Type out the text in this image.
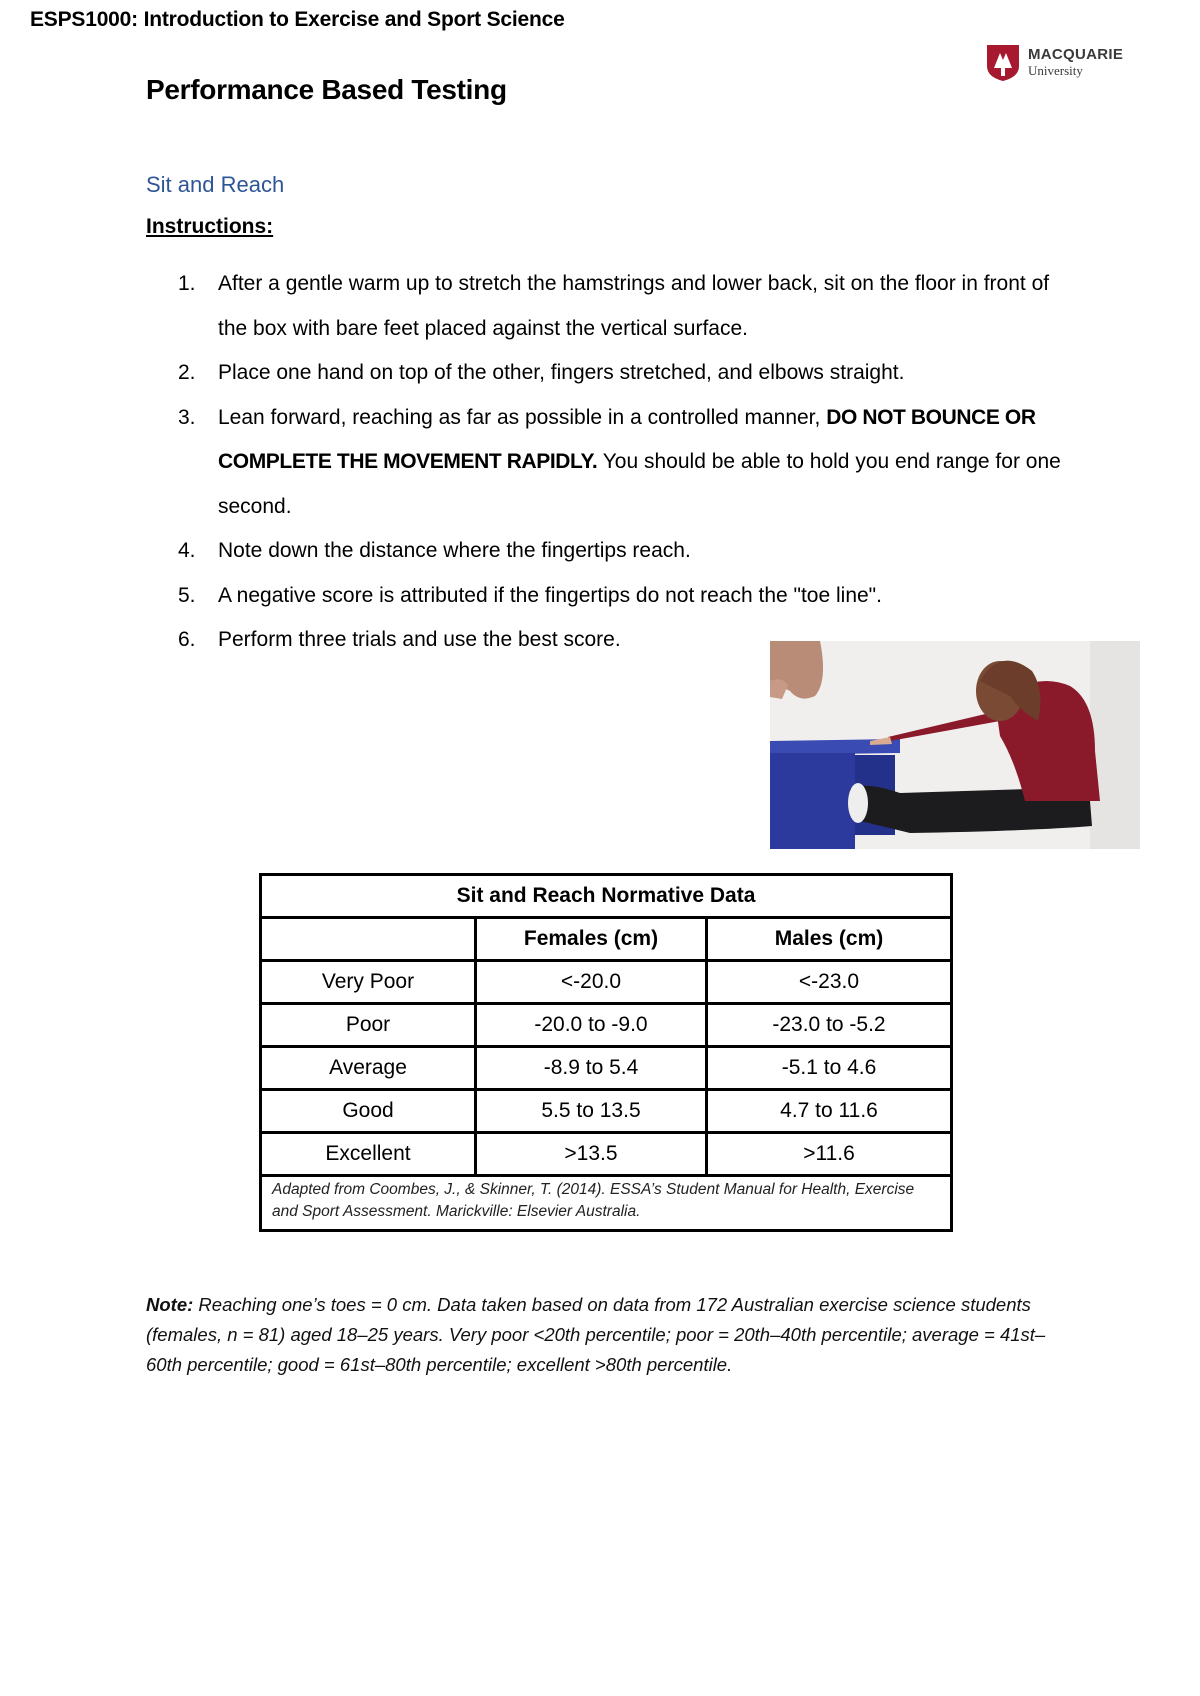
ESPS1000: Introduction to Exercise and Sport Science
MACQUARIE
University
Performance Based Testing
Sit and Reach
Instructions:
1. After a gentle warm up to stretch the hamstrings and lower back, sit on the floor in front of the box with bare feet placed against the vertical surface.
2. Place one hand on top of the other, fingers stretched, and elbows straight.
3. Lean forward, reaching as far as possible in a controlled manner, DO NOT BOUNCE OR COMPLETE THE MOVEMENT RAPIDLY. You should be able to hold you end range for one second.
4. Note down the distance where the fingertips reach.
5. A negative score is attributed if the fingertips do not reach the "toe line".
6. Perform three trials and use the best score.
Sit and Reach Normative Data		
	Females (cm)	Males (cm)
Very Poor	<-20.0	<-23.0
Poor	-20.0 to -9.0	-23.0 to -5.2
Average	-8.9 to 5.4	-5.1 to 4.6
Good	5.5 to 13.5	4.7 to 11.6
Excellent	>13.5	>11.6
Adapted from Coombes, J., & Skinner, T. (2014). ESSA’s Student Manual for Health, Exercise and Sport Assessment. Marickville: Elsevier Australia.		
Note: Reaching one’s toes = 0 cm. Data taken based on data from 172 Australian exercise science students (females, n = 81) aged 18–25 years. Very poor <20th percentile; poor = 20th–40th percentile; average = 41st–60th percentile; good = 61st–80th percentile; excellent >80th percentile.
